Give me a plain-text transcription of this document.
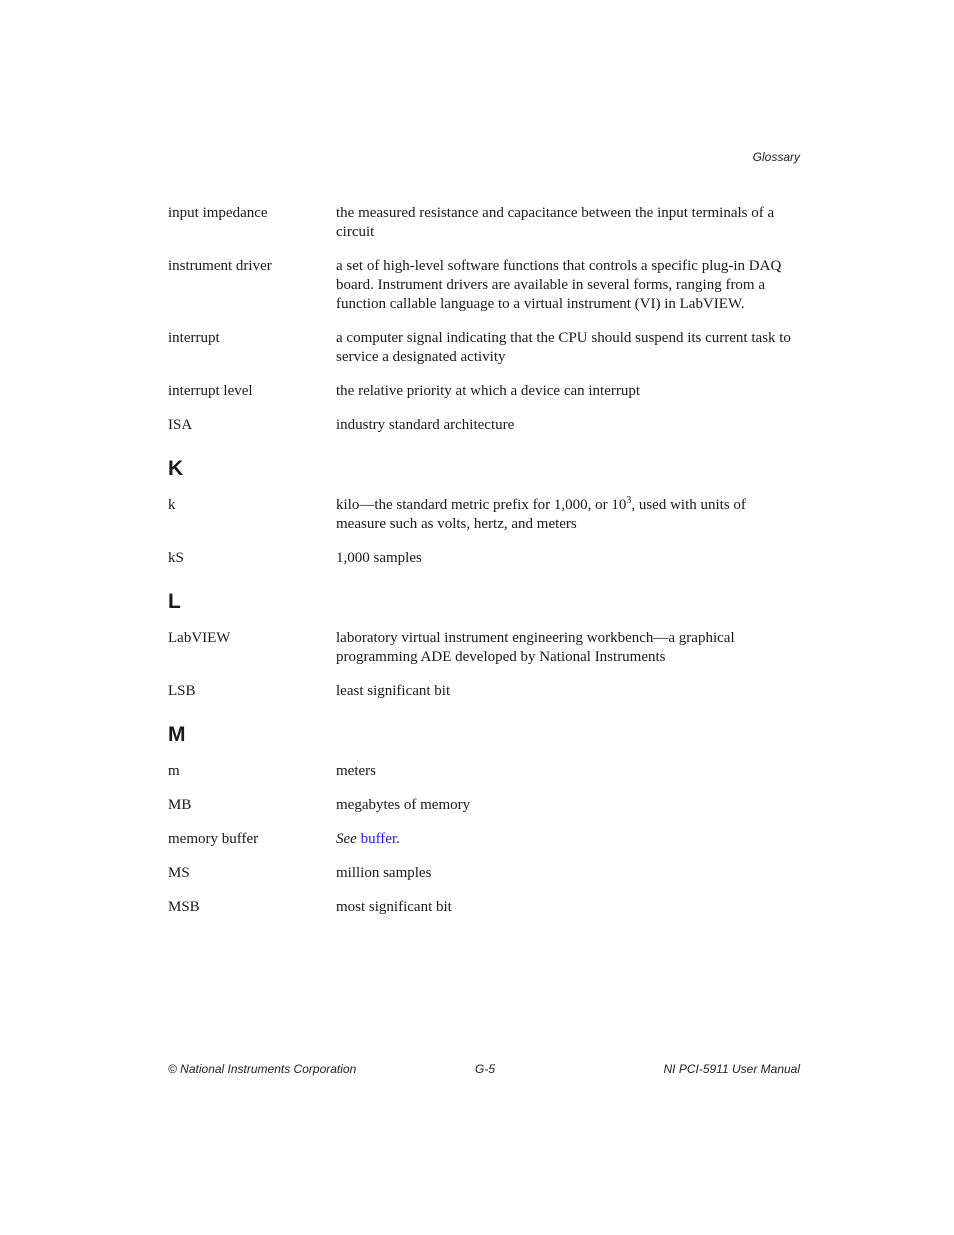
Glossary
input impedance	the measured resistance and capacitance between the input terminals of a circuit
instrument driver	a set of high-level software functions that controls a specific plug-in DAQ board. Instrument drivers are available in several forms, ranging from a function callable language to a virtual instrument (VI) in LabVIEW.
interrupt	a computer signal indicating that the CPU should suspend its current task to service a designated activity
interrupt level	the relative priority at which a device can interrupt
ISA	industry standard architecture
K
k	kilo—the standard metric prefix for 1,000, or $10^3$, used with units of measure such as volts, hertz, and meters
kS	1,000 samples
L
LabVIEW	laboratory virtual instrument engineering workbench—a graphical programming ADE developed by National Instruments
LSB	least significant bit
M
m	meters
MB	megabytes of memory
memory buffer	See buffer.
MS	million samples
MSB	most significant bit
© National Instruments Corporation	G-5	NI PCI-5911 User Manual
